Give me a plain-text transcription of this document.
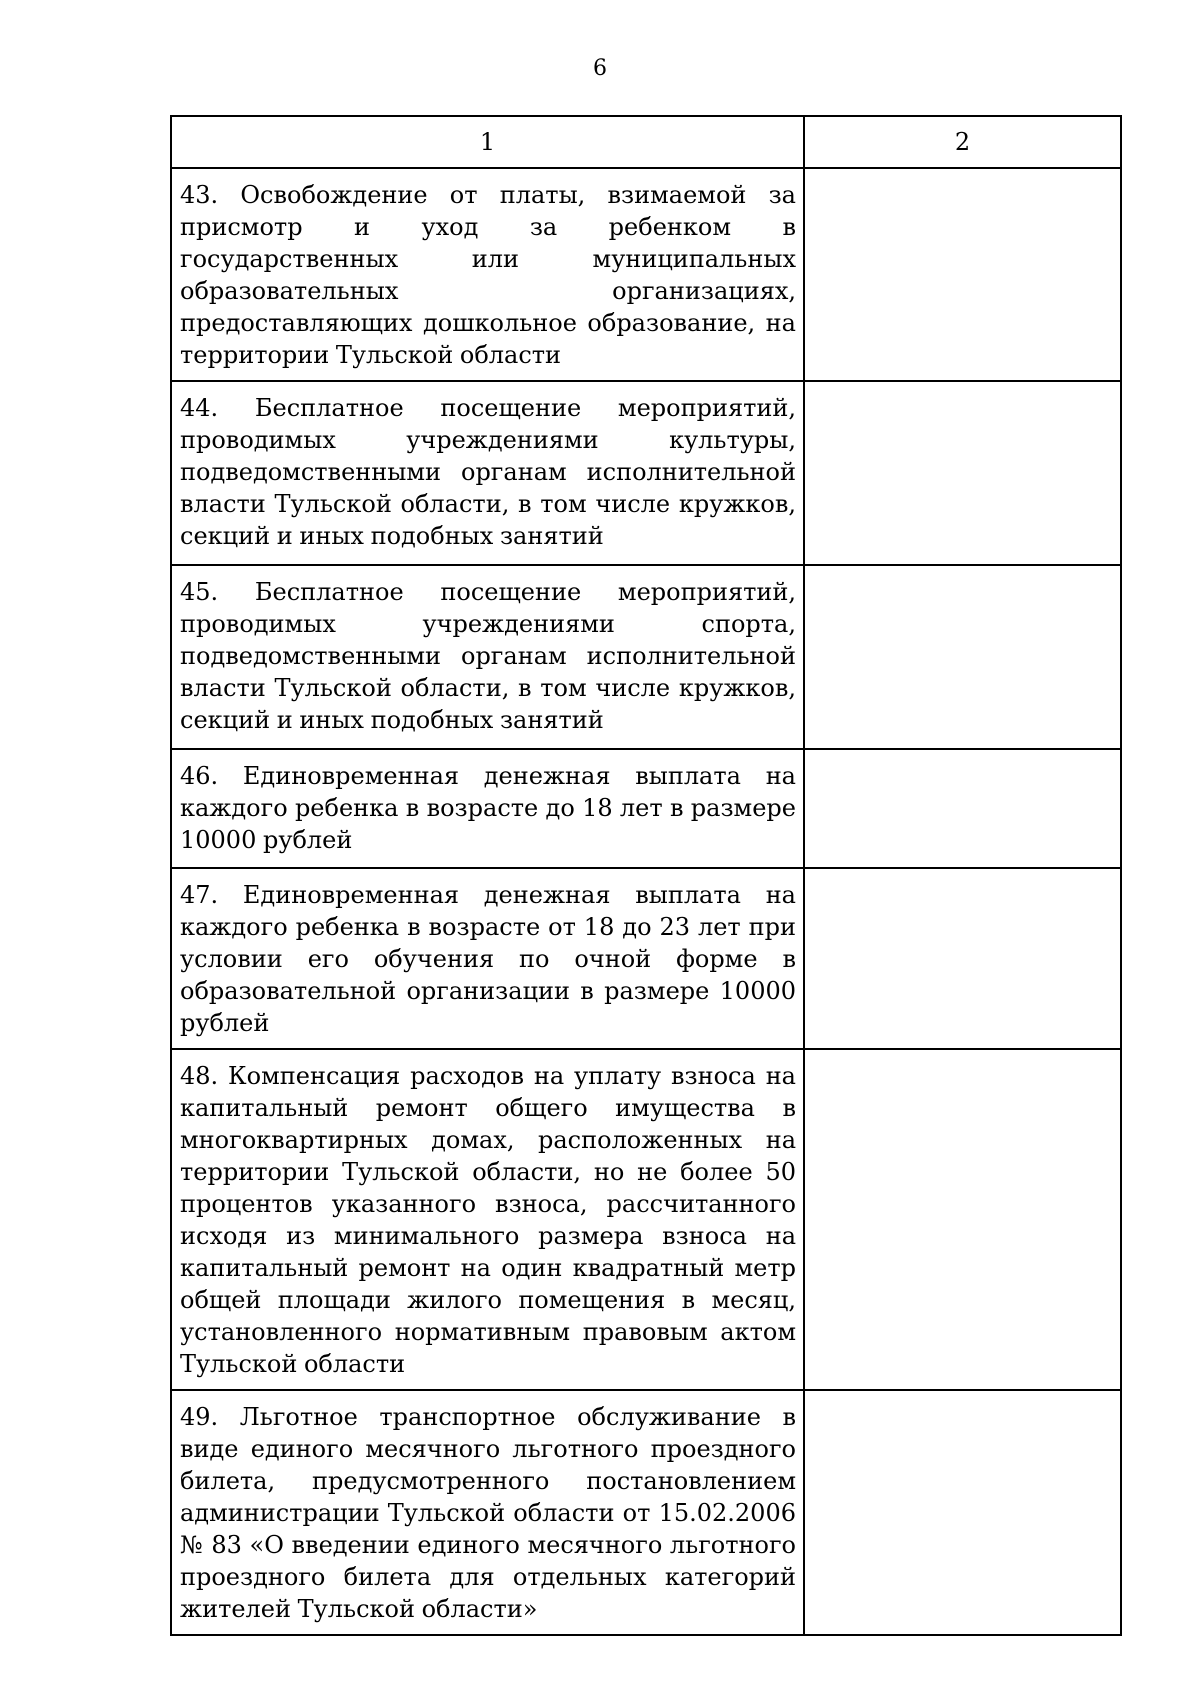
6
1	2
43. Освобождение от платы, взимаемой за присмотр и уход за ребенком в государственных или муниципальных образовательных организациях, предоставляющих дошкольное образование, на территории Тульской области	
44. Бесплатное посещение мероприятий, проводимых учреждениями культуры, подведомственными органам исполнительной власти Тульской области, в том числе кружков, секций и иных подобных занятий	
45. Бесплатное посещение мероприятий, проводимых учреждениями спорта, подведомственными органам исполнительной власти Тульской области, в том числе кружков, секций и иных подобных занятий	
46. Единовременная денежная выплата на каждого ребенка в возрасте до 18 лет в размере 10000 рублей	
47. Единовременная денежная выплата на каждого ребенка в возрасте от 18 до 23 лет при условии его обучения по очной форме в образовательной организации в размере 10000 рублей	
48. Компенсация расходов на уплату взноса на капитальный ремонт общего имущества в многоквартирных домах, расположенных на территории Тульской области, но не более 50 процентов указанного взноса, рассчитанного исходя из минимального размера взноса на капитальный ремонт на один квадратный метр общей площади жилого помещения в месяц, установленного нормативным правовым актом Тульской области	
49. Льготное транспортное обслуживание в виде единого месячного льготного проездного билета, предусмотренного постановлением администрации Тульской области от 15.02.2006 № 83 «О введении единого месячного льготного проездного билета для отдельных категорий жителей Тульской области»	
